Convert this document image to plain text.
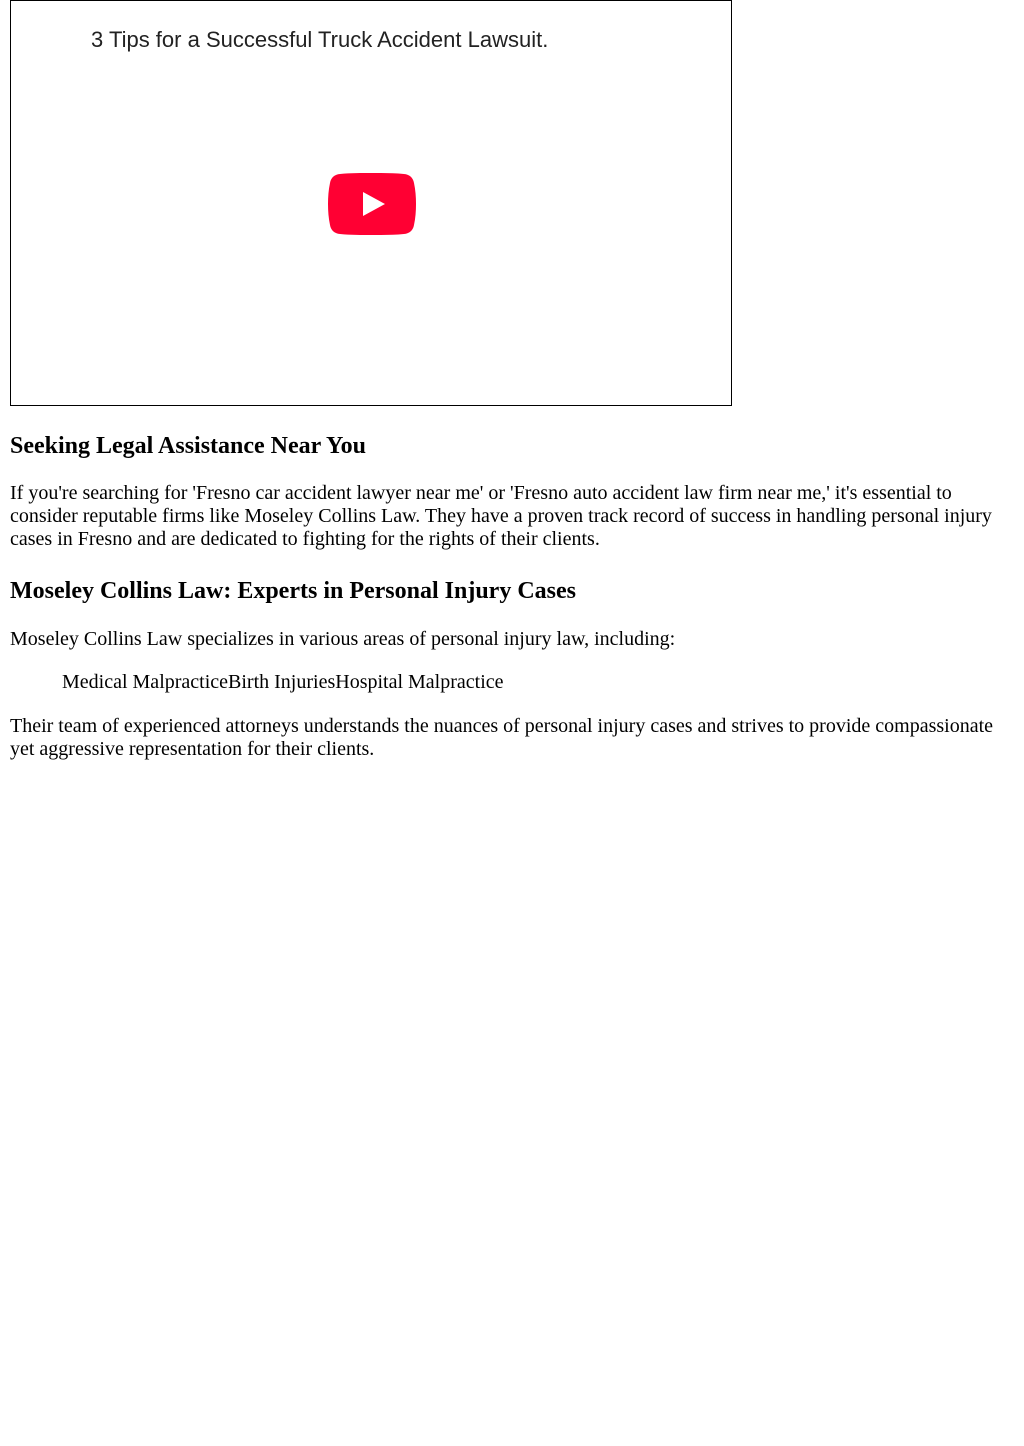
3 Tips for a Successful Truck Accident Lawsuit.
Seeking Legal Assistance Near You

If you're searching for 'Fresno car accident lawyer near me' or 'Fresno auto accident law firm near me,' it's essential to consider reputable firms like Moseley Collins Law. They have a proven track record of success in handling personal injury cases in Fresno and are dedicated to fighting for the rights of their clients.

Moseley Collins Law: Experts in Personal Injury Cases

Moseley Collins Law specializes in various areas of personal injury law, including:

Medical MalpracticeBirth InjuriesHospital Malpractice

Their team of experienced attorneys understands the nuances of personal injury cases and strives to provide compassionate yet aggressive representation for their clients.
